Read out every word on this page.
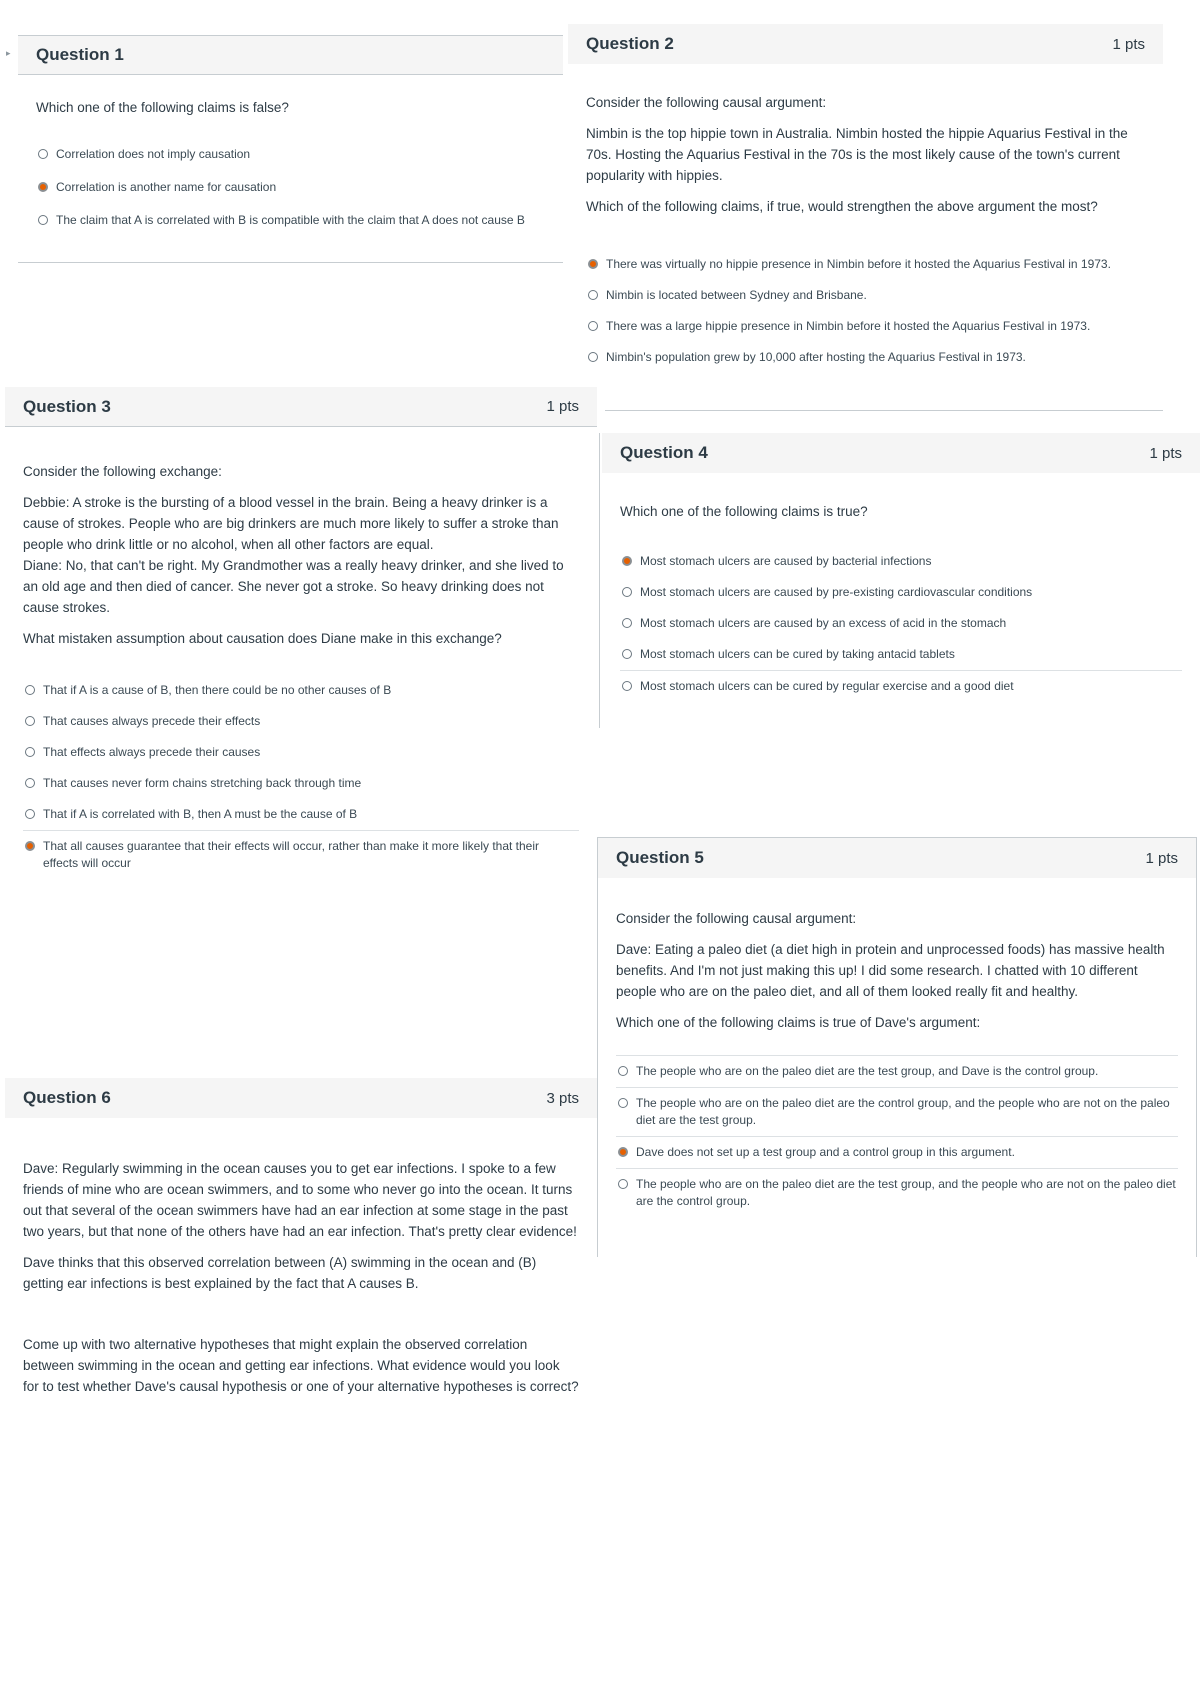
▸ Question 1

Which one of the following claims is false?

Correlation does not imply causation
Correlation is another name for causation
The claim that A is correlated with B is compatible with the claim that A does not cause B
Question 2	1 pts

Consider the following causal argument:

Nimbin is the top hippie town in Australia. Nimbin hosted the hippie Aquarius Festival in the 70s. Hosting the Aquarius Festival in the 70s is the most likely cause of the town's current popularity with hippies.

Which of the following claims, if true, would strengthen the above argument the most?

There was virtually no hippie presence in Nimbin before it hosted the Aquarius Festival in 1973.
Nimbin is located between Sydney and Brisbane.
There was a large hippie presence in Nimbin before it hosted the Aquarius Festival in 1973.
Nimbin's population grew by 10,000 after hosting the Aquarius Festival in 1973.
Question 3	1 pts

Consider the following exchange:

Debbie: A stroke is the bursting of a blood vessel in the brain. Being a heavy drinker is a cause of strokes. People who are big drinkers are much more likely to suffer a stroke than people who drink little or no alcohol, when all other factors are equal.

Diane: No, that can't be right. My Grandmother was a really heavy drinker, and she lived to an old age and then died of cancer. She never got a stroke. So heavy drinking does not cause strokes.

What mistaken assumption about causation does Diane make in this exchange?

That if A is a cause of B, then there could be no other causes of B
That causes always precede their effects
That effects always precede their causes
That causes never form chains stretching back through time
That if A is correlated with B, then A must be the cause of B
That all causes guarantee that their effects will occur, rather than make it more likely that their effects will occur
Question 4	1 pts

Which one of the following claims is true?

Most stomach ulcers are caused by bacterial infections
Most stomach ulcers are caused by pre-existing cardiovascular conditions
Most stomach ulcers are caused by an excess of acid in the stomach
Most stomach ulcers can be cured by taking antacid tablets
Most stomach ulcers can be cured by regular exercise and a good diet
Question 5	1 pts

Consider the following causal argument:

Dave: Eating a paleo diet (a diet high in protein and unprocessed foods) has massive health benefits. And I'm not just making this up! I did some research. I chatted with 10 different people who are on the paleo diet, and all of them looked really fit and healthy.

Which one of the following claims is true of Dave's argument:

The people who are on the paleo diet are the test group, and Dave is the control group.
The people who are on the paleo diet are the control group, and the people who are not on the paleo diet are the test group.
Dave does not set up a test group and a control group in this argument.
The people who are on the paleo diet are the test group, and the people who are not on the paleo diet are the control group.
Question 6	3 pts

Dave: Regularly swimming in the ocean causes you to get ear infections. I spoke to a few friends of mine who are ocean swimmers, and to some who never go into the ocean. It turns out that several of the ocean swimmers have had an ear infection at some stage in the past two years, but that none of the others have had an ear infection. That's pretty clear evidence!

Dave thinks that this observed correlation between (A) swimming in the ocean and (B) getting ear infections is best explained by the fact that A causes B.

Come up with two alternative hypotheses that might explain the observed correlation between swimming in the ocean and getting ear infections. What evidence would you look for to test whether Dave's causal hypothesis or one of your alternative hypotheses is correct?
